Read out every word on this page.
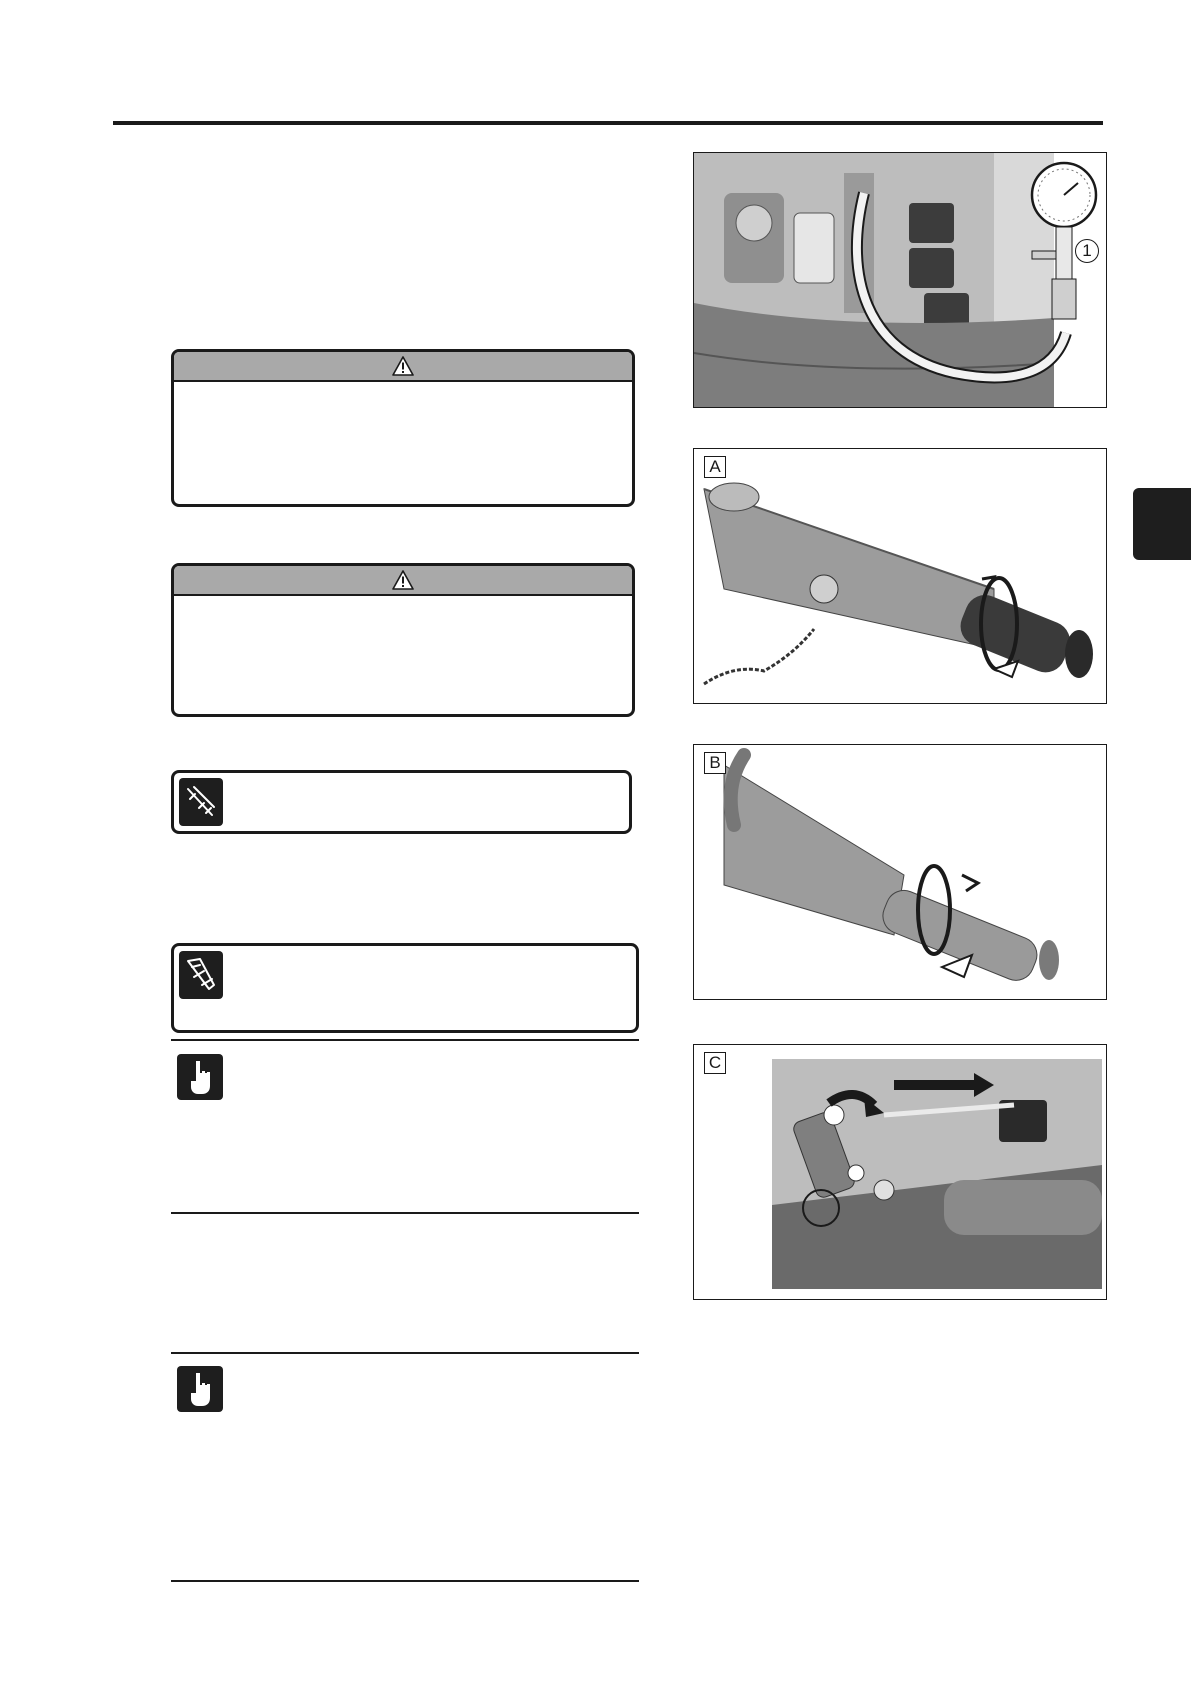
1
A
B
C
